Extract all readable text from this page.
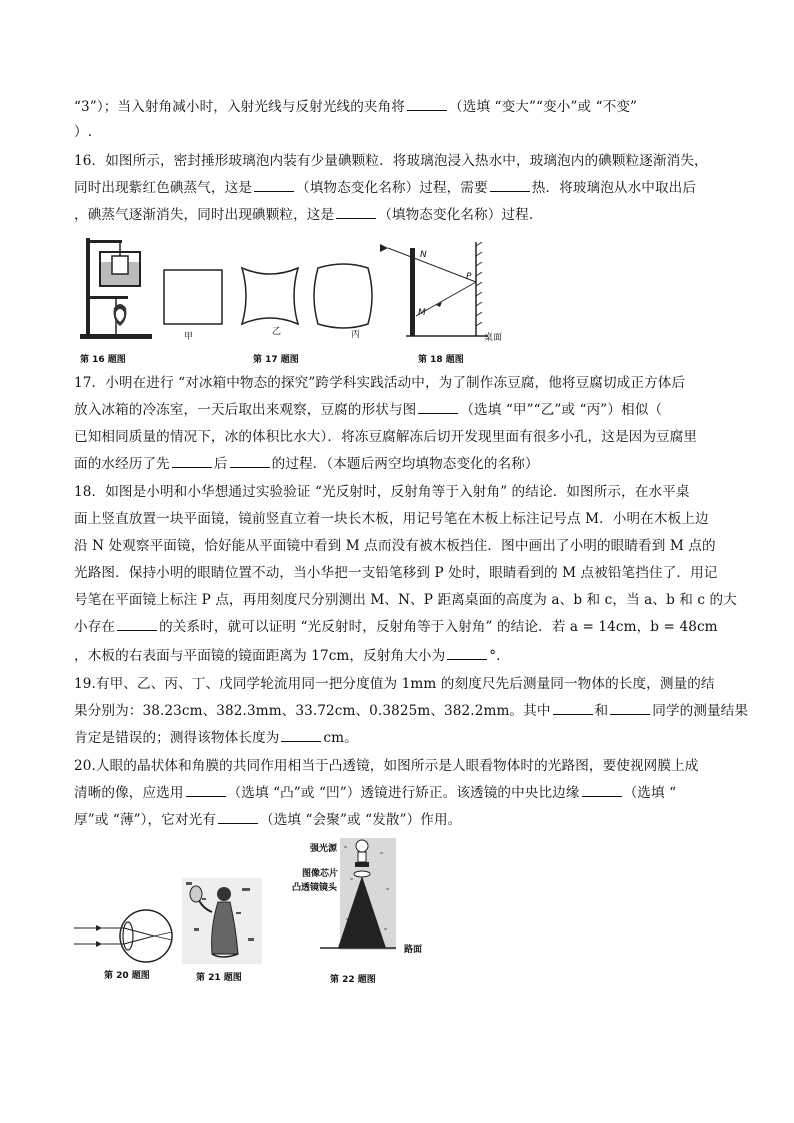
“3”）；当入射角减小时，入射光线与反射光线的夹角将	（选填 “变大”“变小”或 “不变”
）.
16．如图所示，密封捶形玻璃泡内装有少量碘颗粒．将玻璃泡浸入热水中，玻璃泡内的碘颗粒逐渐消失，
同时出现紫红色碘蒸气，这是	（填物态变化名称）过程，需要	热．将玻璃泡从水中取出后
，碘蒸气逐渐消失，同时出现碘颗粒，这是	（填物态变化名称）过程．
第 16 题图
甲	乙	丙
第 17 题图
N
P
M
桌面
第 18 题图
17．小明在进行 “对冰箱中物态的探究”跨学科实践活动中，为了制作冻豆腐，他将豆腐切成正方体后
放入冰箱的冷冻室，一天后取出来观察，豆腐的形状与图	（选填 “甲”“乙”或 “丙”）相似（
已知相同质量的情况下，冰的体积比水大）．将冻豆腐解冻后切开发现里面有很多小孔，这是因为豆腐里
面的水经历了先	后	的过程．（本题后两空均填物态变化的名称）
18．如图是小明和小华想通过实验验证 “光反射时，反射角等于入射角” 的结论．如图所示，在水平桌
面上竖直放置一块平面镜，镜前竖直立着一块长木板，用记号笔在木板上标注记号点 M．小明在木板上边
沿 N 处观察平面镜，恰好能从平面镜中看到 M 点而没有被木板挡住．图中画出了小明的眼睛看到 M 点的
光路图．保持小明的眼睛位置不动，当小华把一支铅笔移到 P 处时，眼睛看到的 M 点被铅笔挡住了．用记
号笔在平面镜上标注 P 点，再用刻度尺分别测出 M、N、P 距离桌面的高度为 a、b 和 c，当 a、b 和 c 的大
小存在	的关系时，就可以证明 “光反射时，反射角等于入射角” 的结论．若 a = 14cm，b = 48cm
，木板的右表面与平面镜的镜面距离为 17cm，反射角大小为	°．
19.有甲、乙、丙、丁、戊同学轮流用同一把分度值为 1mm 的刻度尺先后测量同一物体的长度，测量的结
果分别为：38.23cm、382.3mm、33.72cm、0.3825m、382.2mm。其中	和	同学的测量结果
肯定是错误的；测得该物体长度为	cm。
20.人眼的晶状体和角膜的共同作用相当于凸透镜，如图所示是人眼看物体时的光路图，要使视网膜上成
清晰的像，应选用	（选填 “凸”或 “凹”）透镜进行矫正。该透镜的中央比边缘	（选填 “
厚”或 “薄”），它对光有	（选填 “会聚”或 “发散”）作用。
第 20 题图	第 21 题图
强光源
图像芯片
凸透镜镜头
路面
第 22 题图
